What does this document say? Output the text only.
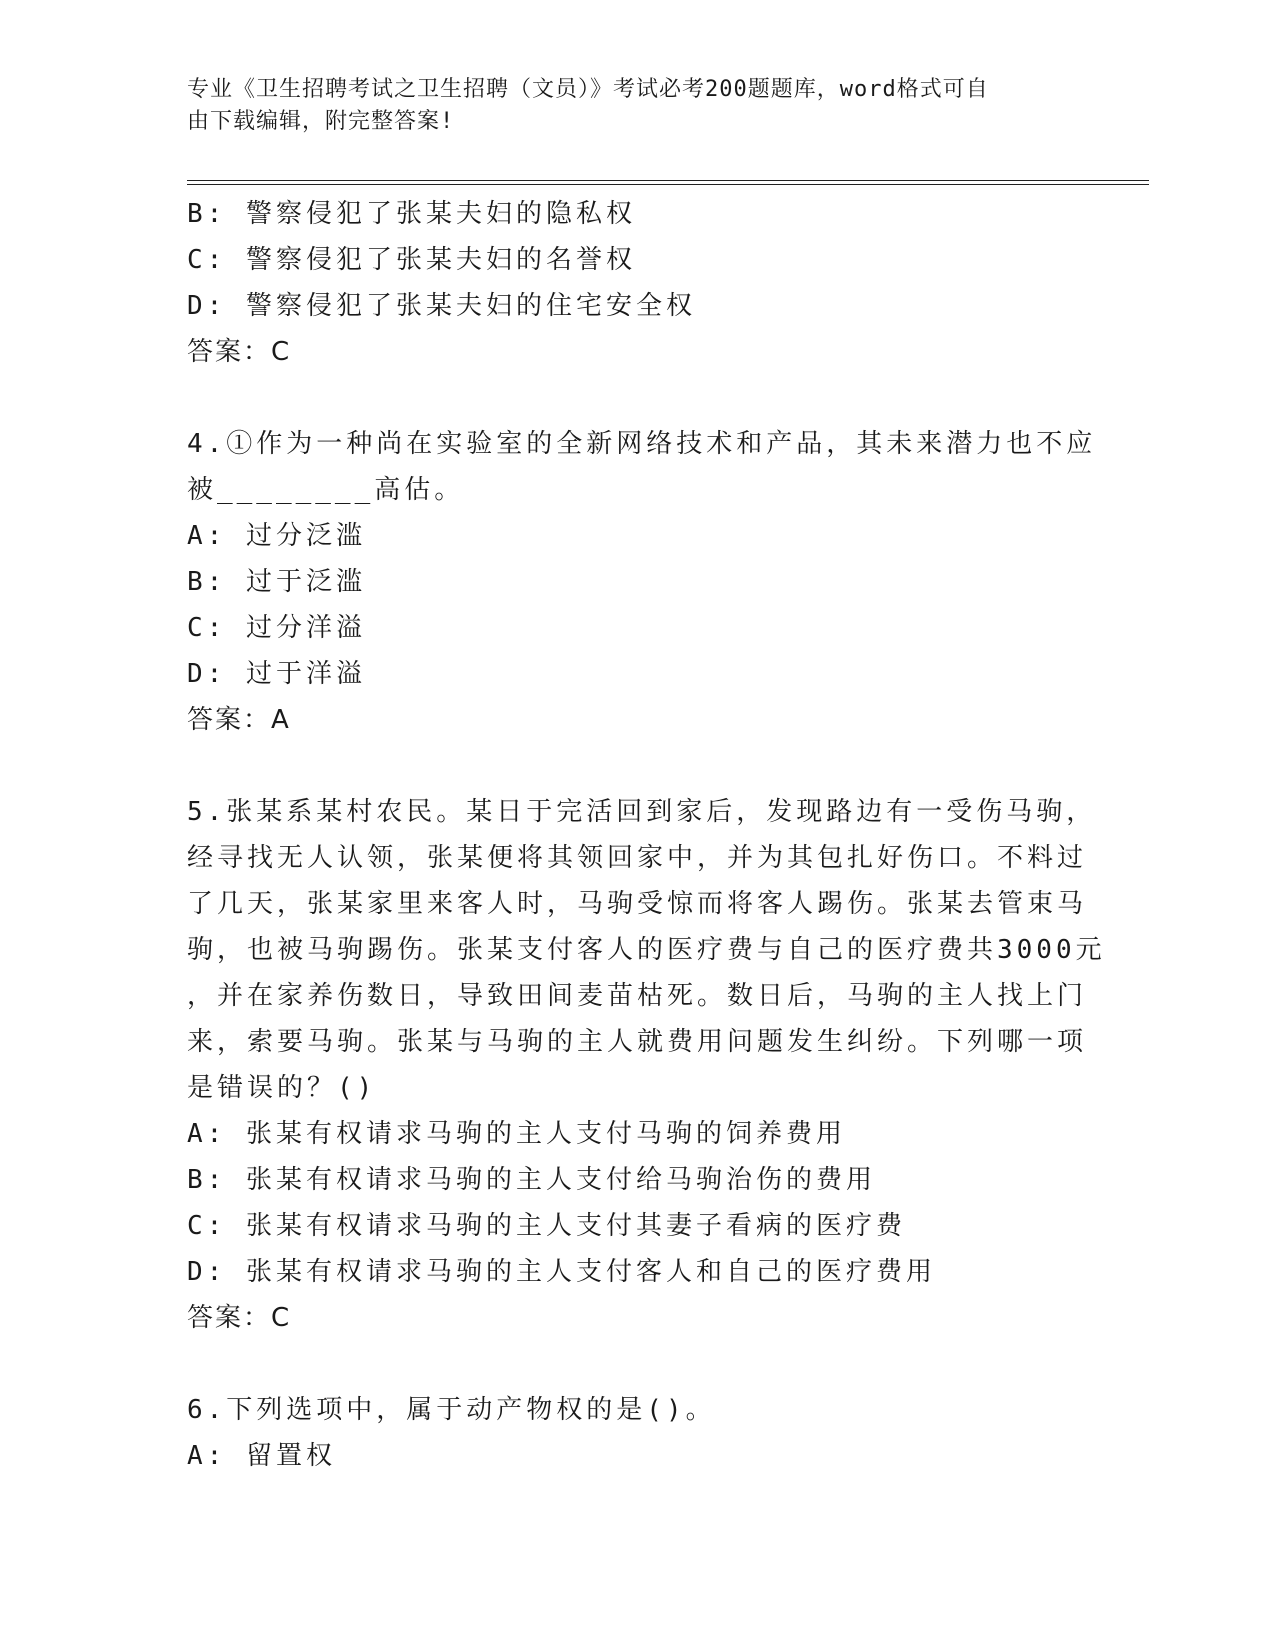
专业《卫生招聘考试之卫生招聘（文员）》考试必考200题题库，word格式可自
由下载编辑，附完整答案!
B: 警察侵犯了张某夫妇的隐私权
C: 警察侵犯了张某夫妇的名誉权
D: 警察侵犯了张某夫妇的住宅安全权
答案：C
4.①作为一种尚在实验室的全新网络技术和产品，其未来潜力也不应
被________高估。
A: 过分泛滥
B: 过于泛滥
C: 过分洋溢
D: 过于洋溢
答案：A
5.张某系某村农民。某日于完活回到家后，发现路边有一受伤马驹，
经寻找无人认领，张某便将其领回家中，并为其包扎好伤口。不料过
了几天，张某家里来客人时，马驹受惊而将客人踢伤。张某去管束马
驹，也被马驹踢伤。张某支付客人的医疗费与自己的医疗费共3000元
，并在家养伤数日，导致田间麦苗枯死。数日后，马驹的主人找上门
来，索要马驹。张某与马驹的主人就费用问题发生纠纷。下列哪一项
是错误的？()
A: 张某有权请求马驹的主人支付马驹的饲养费用
B: 张某有权请求马驹的主人支付给马驹治伤的费用
C: 张某有权请求马驹的主人支付其妻子看病的医疗费
D: 张某有权请求马驹的主人支付客人和自己的医疗费用
答案：C
6.下列选项中，属于动产物权的是()。
A: 留置权
